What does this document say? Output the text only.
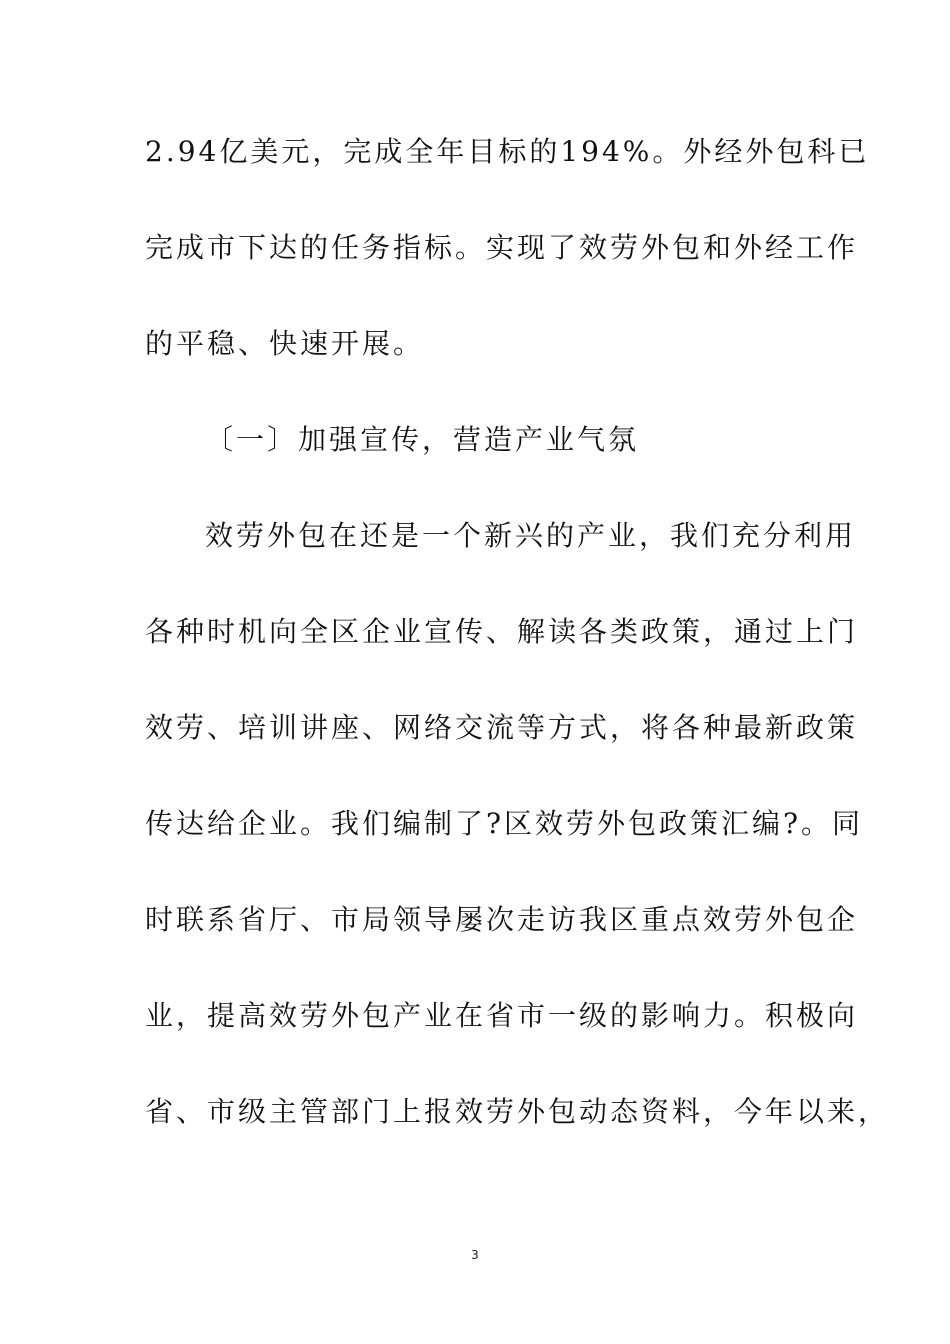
2.94亿美元，完成全年目标的194%。外经外包科已
完成市下达的任务指标。实现了效劳外包和外经工作
的平稳、快速开展。
〔一〕加强宣传，营造产业气氛
效劳外包在还是一个新兴的产业，我们充分利用
各种时机向全区企业宣传、解读各类政策，通过上门
效劳、培训讲座、网络交流等方式，将各种最新政策
传达给企业。我们编制了?区效劳外包政策汇编?。同
时联系省厅、市局领导屡次走访我区重点效劳外包企
业，提高效劳外包产业在省市一级的影响力。积极向
省、市级主管部门上报效劳外包动态资料，今年以来，
3
